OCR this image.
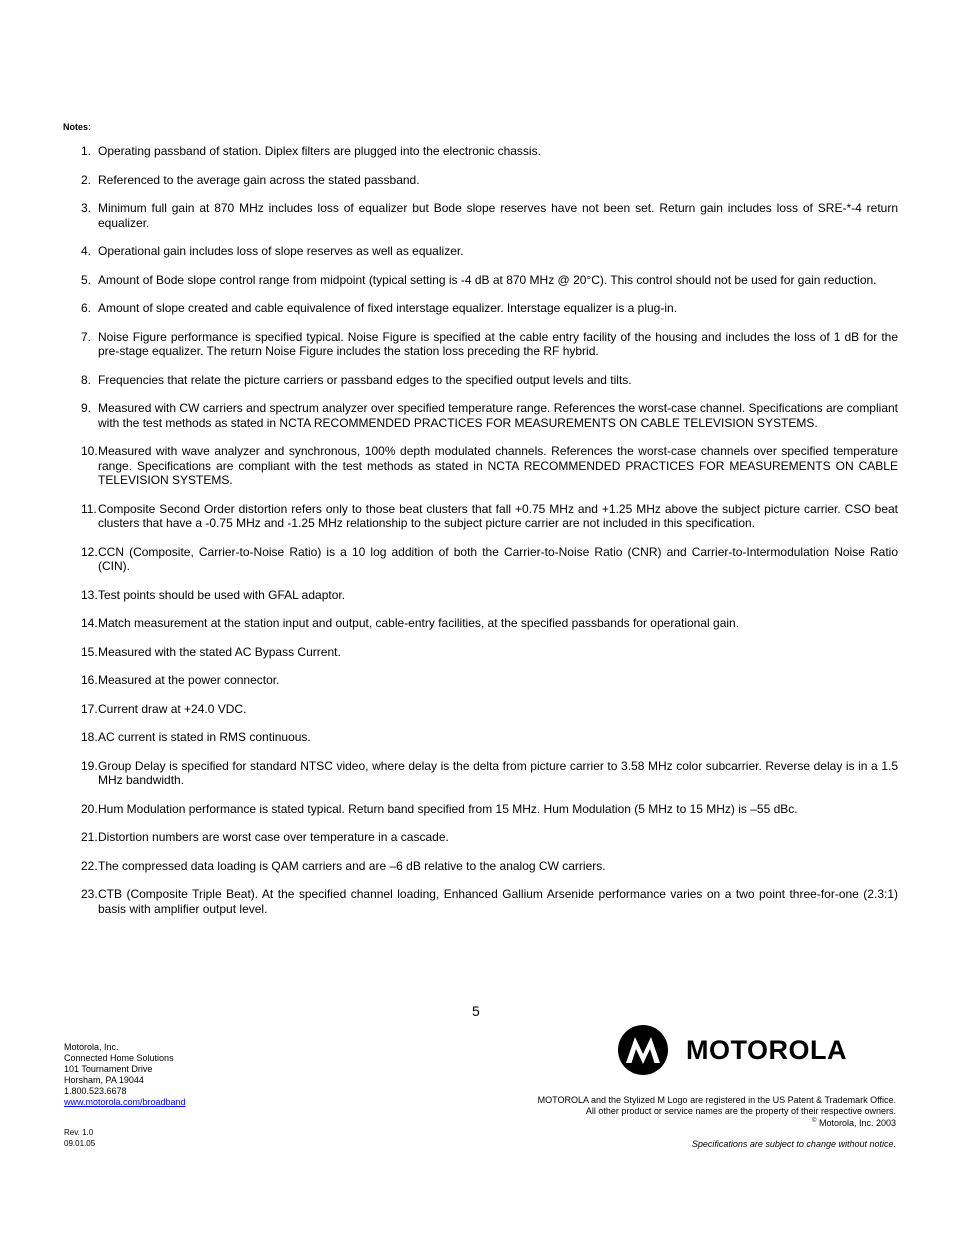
Notes:
1. Operating passband of station. Diplex filters are plugged into the electronic chassis.
2. Referenced to the average gain across the stated passband.
3. Minimum full gain at 870 MHz includes loss of equalizer but Bode slope reserves have not been set. Return gain includes loss of SRE-*-4 return equalizer.
4. Operational gain includes loss of slope reserves as well as equalizer.
5. Amount of Bode slope control range from midpoint (typical setting is -4 dB at 870 MHz @ 20°C). This control should not be used for gain reduction.
6. Amount of slope created and cable equivalence of fixed interstage equalizer. Interstage equalizer is a plug-in.
7. Noise Figure performance is specified typical. Noise Figure is specified at the cable entry facility of the housing and includes the loss of 1 dB for the pre-stage equalizer. The return Noise Figure includes the station loss preceding the RF hybrid.
8. Frequencies that relate the picture carriers or passband edges to the specified output levels and tilts.
9. Measured with CW carriers and spectrum analyzer over specified temperature range. References the worst-case channel. Specifications are compliant with the test methods as stated in NCTA RECOMMENDED PRACTICES FOR MEASUREMENTS ON CABLE TELEVISION SYSTEMS.
10. Measured with wave analyzer and synchronous, 100% depth modulated channels. References the worst-case channels over specified temperature range. Specifications are compliant with the test methods as stated in NCTA RECOMMENDED PRACTICES FOR MEASUREMENTS ON CABLE TELEVISION SYSTEMS.
11. Composite Second Order distortion refers only to those beat clusters that fall +0.75 MHz and +1.25 MHz above the subject picture carrier. CSO beat clusters that have a -0.75 MHz and -1.25 MHz relationship to the subject picture carrier are not included in this specification.
12. CCN (Composite, Carrier-to-Noise Ratio) is a 10 log addition of both the Carrier-to-Noise Ratio (CNR) and Carrier-to-Intermodulation Noise Ratio (CIN).
13. Test points should be used with GFAL adaptor.
14. Match measurement at the station input and output, cable-entry facilities, at the specified passbands for operational gain.
15. Measured with the stated AC Bypass Current.
16. Measured at the power connector.
17. Current draw at +24.0 VDC.
18. AC current is stated in RMS continuous.
19. Group Delay is specified for standard NTSC video, where delay is the delta from picture carrier to 3.58 MHz color subcarrier. Reverse delay is in a 1.5 MHz bandwidth.
20. Hum Modulation performance is stated typical. Return band specified from 15 MHz. Hum Modulation (5 MHz to 15 MHz) is –55 dBc.
21. Distortion numbers are worst case over temperature in a cascade.
22. The compressed data loading is QAM carriers and are –6 dB relative to the analog CW carriers.
23. CTB (Composite Triple Beat). At the specified channel loading, Enhanced Gallium Arsenide performance varies on a two point three-for-one (2.3:1) basis with amplifier output level.
5
Motorola, Inc.
Connected Home Solutions
101 Tournament Drive
Horsham, PA 19044
1.800.523.6678
www.motorola.com/broadband
Rev. 1.0
09.01.05
MOTOROLA
MOTOROLA and the Stylized M Logo are registered in the US Patent & Trademark Office.
All other product or service names are the property of their respective owners.
© Motorola, Inc. 2003
Specifications are subject to change without notice.
